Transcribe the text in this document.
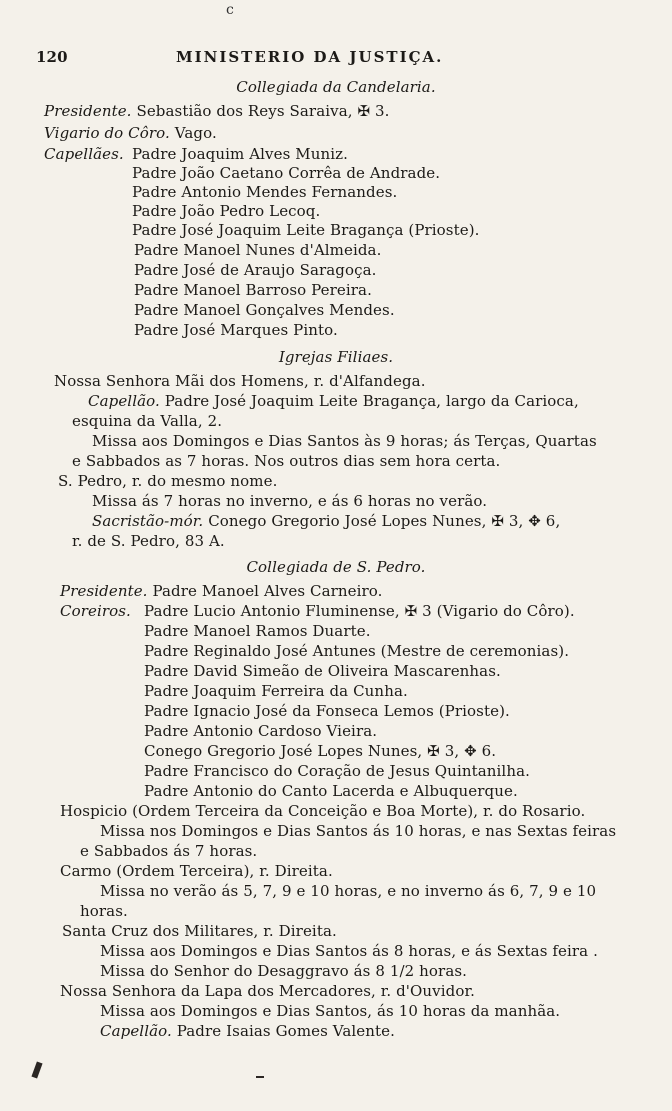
c
120	MINISTERIO DA JUSTIÇA.
Collegiada da Candelaria.
Presidente. Sebastião dos Reys Saraiva, ✠ 3.
Vigario do Côro. Vago.
Capellães. Padre Joaquim Alves Muniz.
Padre João Caetano Corrêa de Andrade.
Padre Antonio Mendes Fernandes.
Padre João Pedro Lecoq.
Padre José Joaquim Leite Bragança (Prioste).
Padre Manoel Nunes d'Almeida.
Padre José de Araujo Saragoça.
Padre Manoel Barroso Pereira.
Padre Manoel Gonçalves Mendes.
Padre José Marques Pinto.
Igrejas Filiaes.
Nossa Senhora Mãi dos Homens, r. d'Alfandega.
Capellão. Padre José Joaquim Leite Bragança, largo da Carioca,
esquina da Valla, 2.
Missa aos Domingos e Dias Santos às 9 horas; ás Terças, Quartas
e Sabbados as 7 horas. Nos outros dias sem hora certa.
S. Pedro, r. do mesmo nome.
Missa ás 7 horas no inverno, e ás 6 horas no verão.
Sacristão-mór. Conego Gregorio José Lopes Nunes, ✠ 3, ✥ 6,
r. de S. Pedro, 83 A.
Collegiada de S. Pedro.
Presidente. Padre Manoel Alves Carneiro.
Coreiros. Padre Lucio Antonio Fluminense, ✠ 3 (Vigario do Côro).
Padre Manoel Ramos Duarte.
Padre Reginaldo José Antunes (Mestre de ceremonias).
Padre David Simeão de Oliveira Mascarenhas.
Padre Joaquim Ferreira da Cunha.
Padre Ignacio José da Fonseca Lemos (Prioste).
Padre Antonio Cardoso Vieira.
Conego Gregorio José Lopes Nunes, ✠ 3, ✥ 6.
Padre Francisco do Coração de Jesus Quintanilha.
Padre Antonio do Canto Lacerda e Albuquerque.
Hospicio (Ordem Terceira da Conceição e Boa Morte), r. do Rosario.
Missa nos Domingos e Dias Santos ás 10 horas, e nas Sextas feiras
e Sabbados ás 7 horas.
Carmo (Ordem Terceira), r. Direita.
Missa no verão ás 5, 7, 9 e 10 horas, e no inverno ás 6, 7, 9 e 10
horas.
Santa Cruz dos Militares, r. Direita.
Missa aos Domingos e Dias Santos ás 8 horas, e ás Sextas feira .
Missa do Senhor do Desaggravo ás 8 1/2 horas.
Nossa Senhora da Lapa dos Mercadores, r. d'Ouvidor.
Missa aos Domingos e Dias Santos, ás 10 horas da manhãa.
Capellão. Padre Isaias Gomes Valente.
